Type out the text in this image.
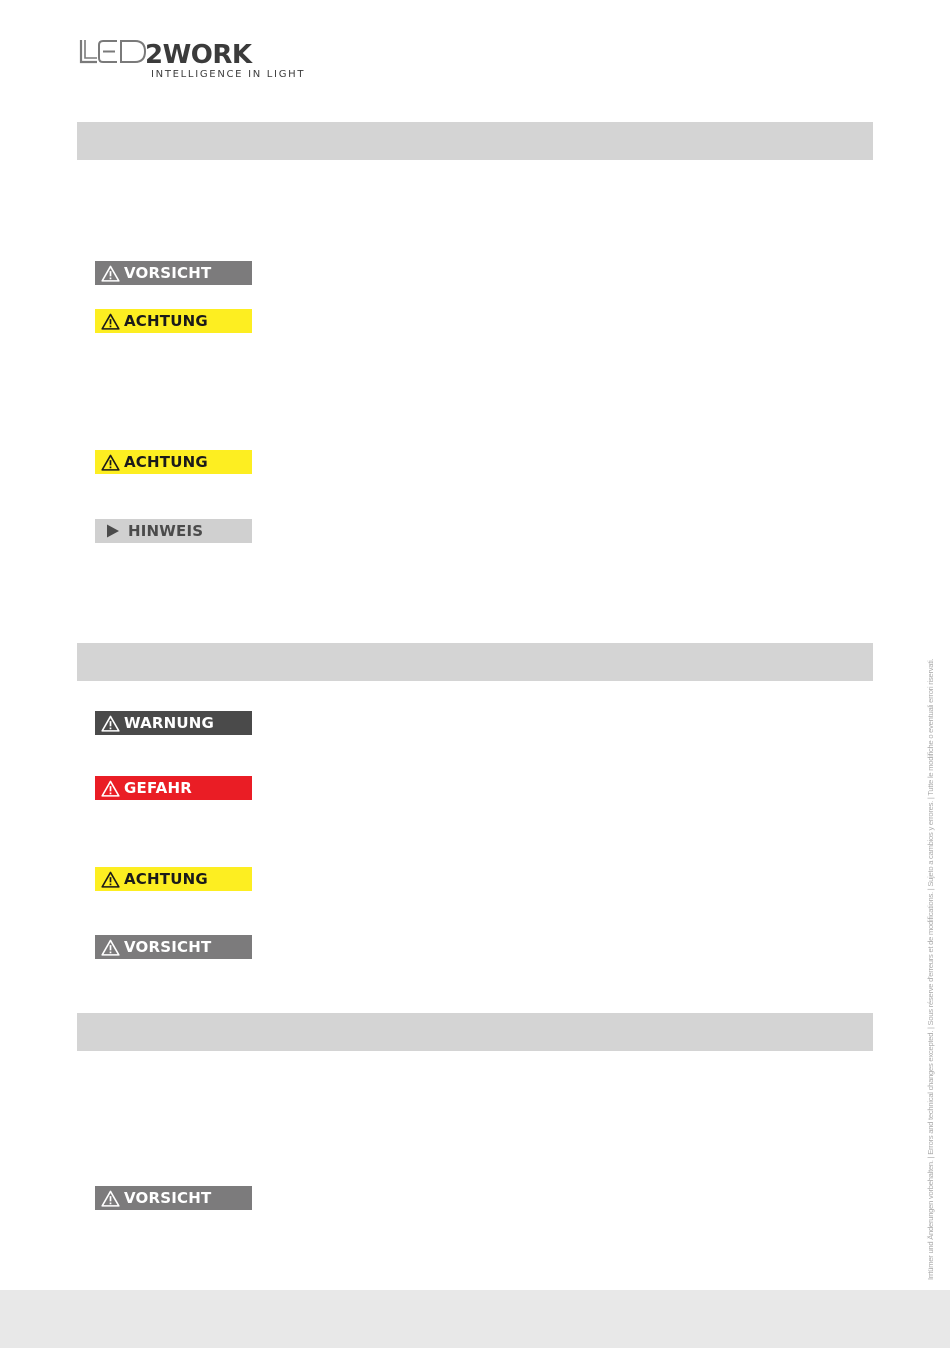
2WORK
INTELLIGENCE IN LIGHT
VORSICHT
ACHTUNG
ACHTUNG
HINWEIS
WARNUNG
GEFAHR
ACHTUNG
VORSICHT
VORSICHT	Irrtümer und Änderungen vorbehalten. | Errors and technical changes excepted. | Sous réserve d'erreurs et de modifications. | Sujeto a cambios y errores. | Tutte le modifiche o eventuali errori riservati.
